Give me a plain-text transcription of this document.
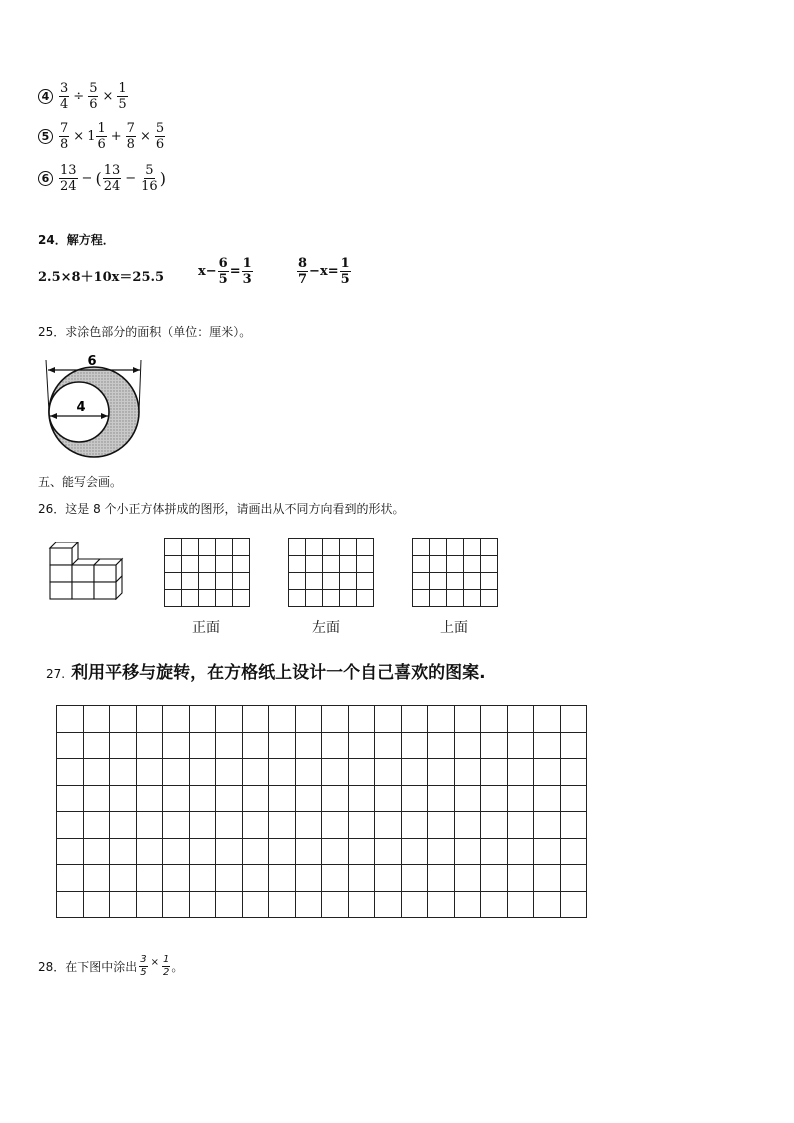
$4 \frac{3}{4} \div \frac{5}{6} \times \frac{1}{5}$
$5 \frac{7}{8} \times 1 \frac{1}{6} + \frac{7}{8} \times \frac{5}{6}$
$6 \frac{13}{24}$ − ( $\frac{13}{24} - \frac{5}{16}$ )
24．解方程．
2.5×8＋10x＝25.5	$x- \frac{6}{5} = \frac{1}{3}$	$\frac{8}{7} -x= \frac{1}{5}$
25．求涂色部分的面积（单位：厘米）。
6
4
五、能写会画。
26．这是 8 个小正方体拼成的图形，请画出从不同方向看到的形状。

正面	左面	上面
27. 利用平移与旋转，在方格纸上设计一个自己喜欢的图案.

28．在下图中涂出 $\frac{3}{5} \times \frac{1}{2}$ 。
